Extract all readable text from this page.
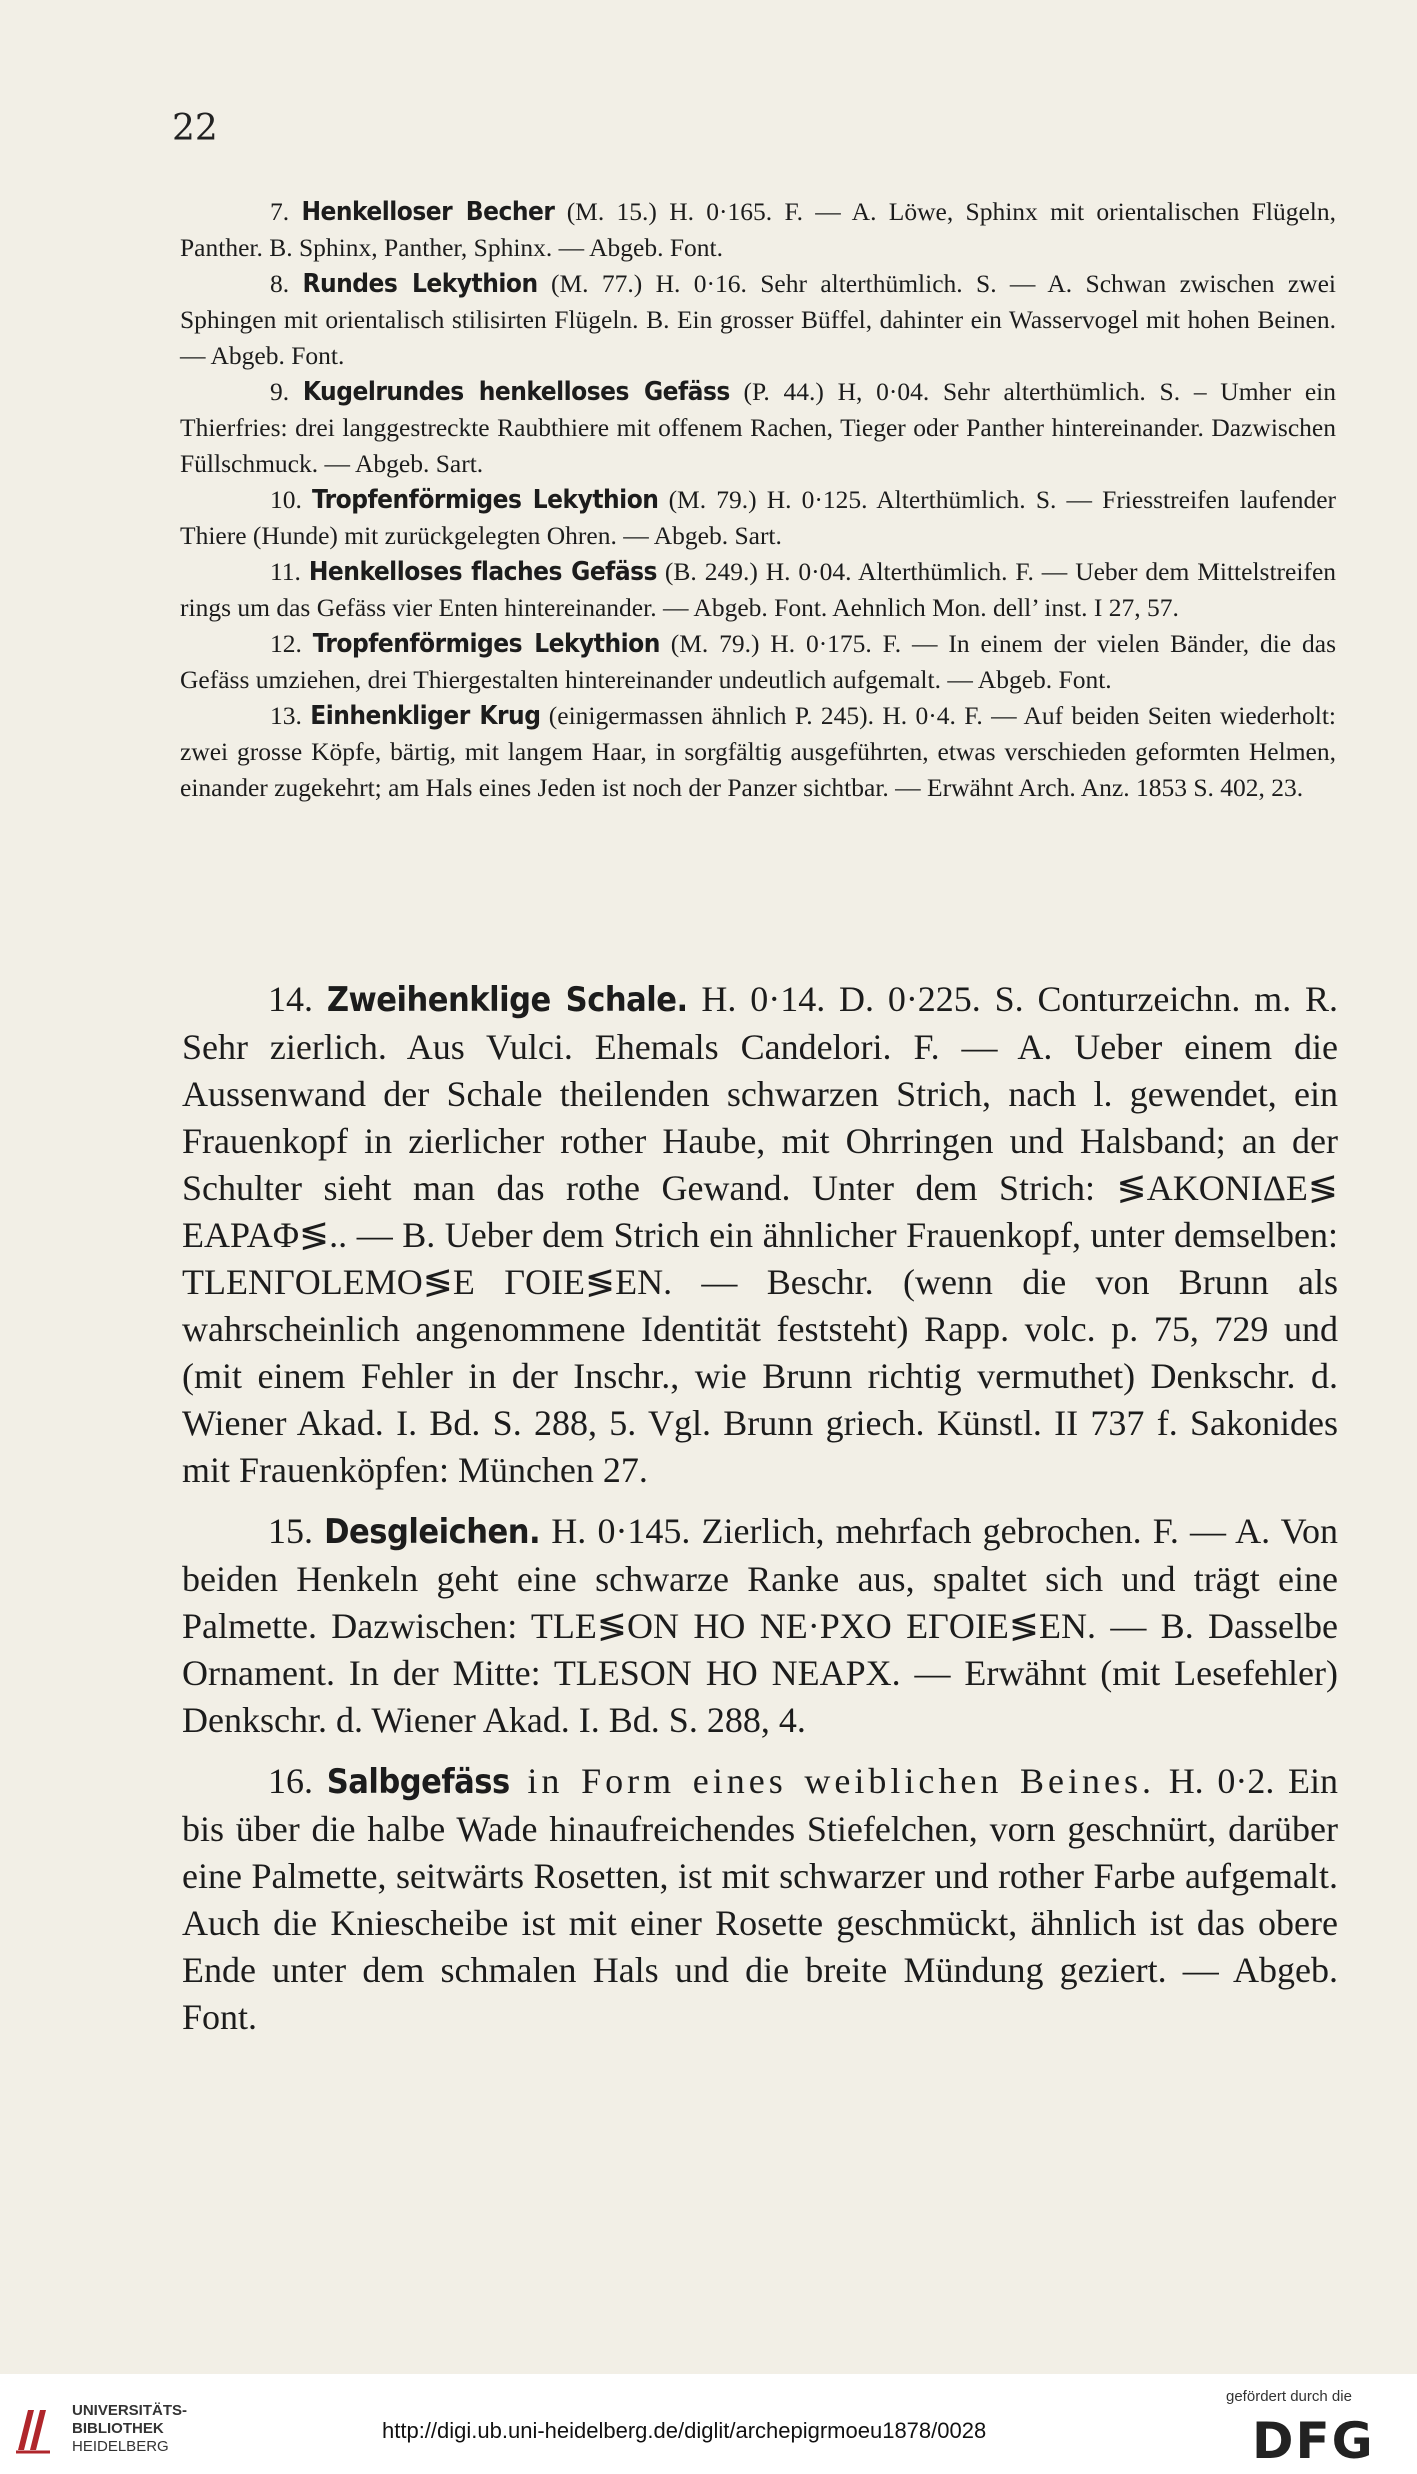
22

7. Henkelloser Becher (M. 15.) H. 0·165. F. — A. Löwe, Sphinx mit orientalischen Flügeln, Panther. B. Sphinx, Panther, Sphinx. — Abgeb. Font.

8. Rundes Lekythion (M. 77.) H. 0·16. Sehr alterthümlich. S. — A. Schwan zwischen zwei Sphingen mit orientalisch stilisirten Flügeln. B. Ein grosser Büffel, dahinter ein Wasservogel mit hohen Beinen. — Abgeb. Font.

9. Kugelrundes henkelloses Gefäss (P. 44.) H, 0·04. Sehr alterthümlich. S. – Umher ein Thierfries: drei langgestreckte Raubthiere mit offenem Rachen, Tieger oder Panther hintereinander. Dazwischen Füllschmuck. — Abgeb. Sart.

10. Tropfenförmiges Lekythion (M. 79.) H. 0·125. Alterthümlich. S. — Friesstreifen laufender Thiere (Hunde) mit zurückgelegten Ohren. — Abgeb. Sart.

11. Henkelloses flaches Gefäss (B. 249.) H. 0·04. Alterthümlich. F. — Ueber dem Mittelstreifen rings um das Gefäss vier Enten hintereinander. — Abgeb. Font. Aehnlich Mon. dell’ inst. I 27, 57.

12. Tropfenförmiges Lekythion (M. 79.) H. 0·175. F. — In einem der vielen Bänder, die das Gefäss umziehen, drei Thiergestalten hintereinander undeutlich aufgemalt. — Abgeb. Font.

13. Einhenkliger Krug (einigermassen ähnlich P. 245). H. 0·4. F. — Auf beiden Seiten wiederholt: zwei grosse Köpfe, bärtig, mit langem Haar, in sorgfältig ausgeführten, etwas verschieden geformten Helmen, einander zugekehrt; am Hals eines Jeden ist noch der Panzer sichtbar. — Erwähnt Arch. Anz. 1853 S. 402, 23.

14. Zweihenklige Schale. H. 0·14. D. 0·225. S. Conturzeichn. m. R. Sehr zierlich. Aus Vulci. Ehemals Candelori. F. — A. Ueber einem die Aussenwand der Schale theilenden schwarzen Strich, nach l. gewendet, ein Frauenkopf in zierlicher rother Haube, mit Ohrringen und Halsband; an der Schulter sieht man das rothe Gewand. Unter dem Strich: ≶AKONIΔE≶ EAPAΦ≶.. — B. Ueber dem Strich ein ähnlicher Frauenkopf, unter demselben: TLENΓOLEMO≶E ΓOIE≶EN. — Beschr. (wenn die von Brunn als wahrscheinlich angenommene Identität feststeht) Rapp. volc. p. 75, 729 und (mit einem Fehler in der Inschr., wie Brunn richtig vermuthet) Denkschr. d. Wiener Akad. I. Bd. S. 288, 5. Vgl. Brunn griech. Künstl. II 737 f. Sakonides mit Frauenköpfen: München 27.

15. Desgleichen. H. 0·145. Zierlich, mehrfach gebrochen. F. — A. Von beiden Henkeln geht eine schwarze Ranke aus, spaltet sich und trägt eine Palmette. Dazwischen: TLE≶ON HO NE·PXO EΓOIE≶EN. — B. Dasselbe Ornament. In der Mitte: TLESON HO NEAPX. — Erwähnt (mit Lesefehler) Denkschr. d. Wiener Akad. I. Bd. S. 288, 4.

16. Salbgefäss in Form eines weiblichen Beines. H. 0·2. Ein bis über die halbe Wade hinaufreichendes Stiefelchen, vorn geschnürt, darüber eine Palmette, seitwärts Rosetten, ist mit schwarzer und rother Farbe aufgemalt. Auch die Kniescheibe ist mit einer Rosette geschmückt, ähnlich ist das obere Ende unter dem schmalen Hals und die breite Mündung geziert. — Abgeb. Font.

UNIVERSITÄTS-
BIBLIOTHEK
HEIDELBERG
http://digi.ub.uni-heidelberg.de/diglit/archepigrmoeu1878/0028
gefördert durch die
DFG
